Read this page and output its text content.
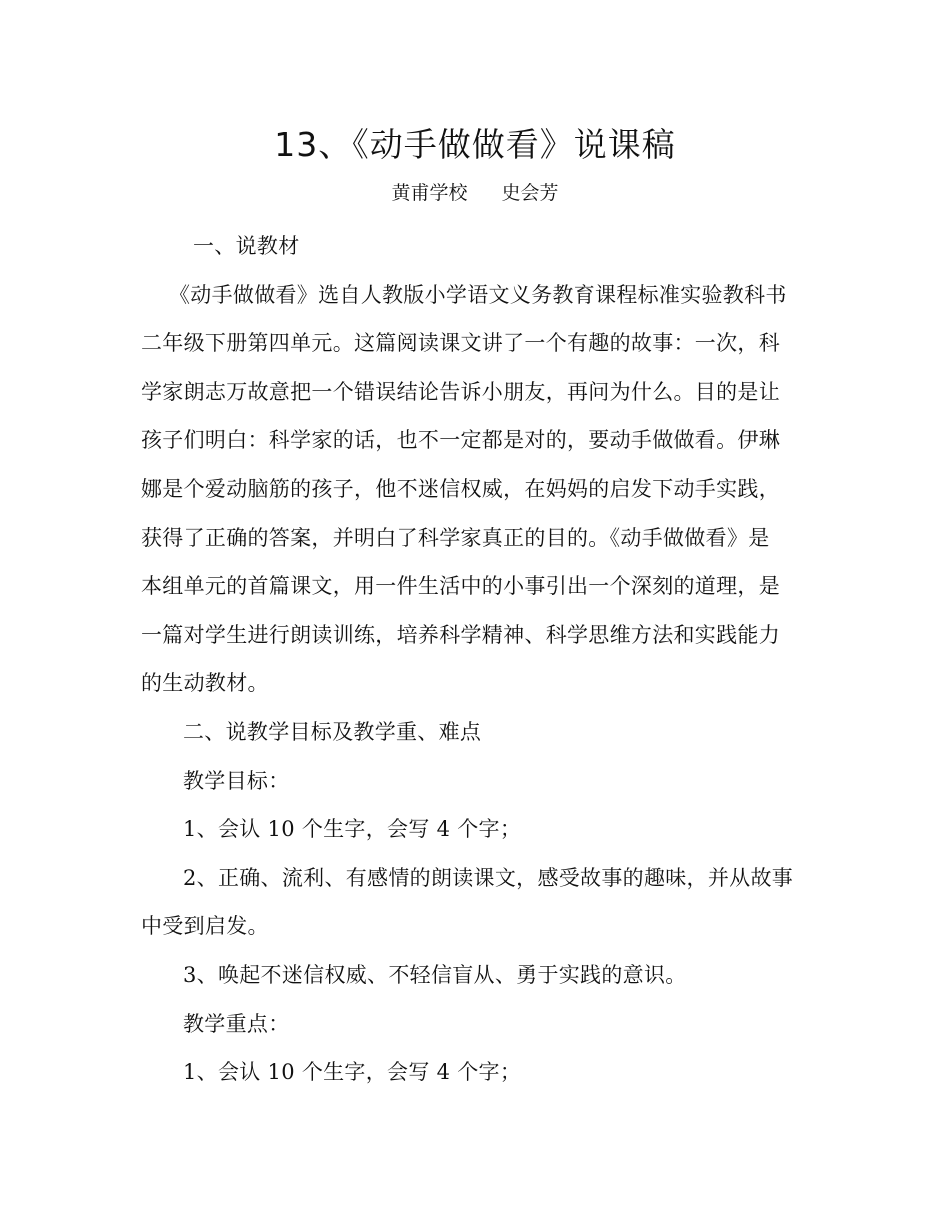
13、《动手做做看》说课稿
黄甫学校 史会芳

一、说教材

《动手做做看》选自人教版小学语文义务教育课程标准实验教科书

二年级下册第四单元。这篇阅读课文讲了一个有趣的故事：一次，科

学家朗志万故意把一个错误结论告诉小朋友，再问为什么。目的是让

孩子们明白：科学家的话，也不一定都是对的，要动手做做看。伊琳

娜是个爱动脑筋的孩子，他不迷信权威，在妈妈的启发下动手实践，

获得了正确的答案，并明白了科学家真正的目的。《动手做做看》是

本组单元的首篇课文，用一件生活中的小事引出一个深刻的道理，是

一篇对学生进行朗读训练，培养科学精神、科学思维方法和实践能力

的生动教材。

二、说教学目标及教学重、难点

教学目标：

1、会认 10 个生字，会写 4 个字；

2、正确、流利、有感情的朗读课文，感受故事的趣味，并从故事

中受到启发。

3、唤起不迷信权威、不轻信盲从、勇于实践的意识。

教学重点：

1、会认 10 个生字，会写 4 个字；
